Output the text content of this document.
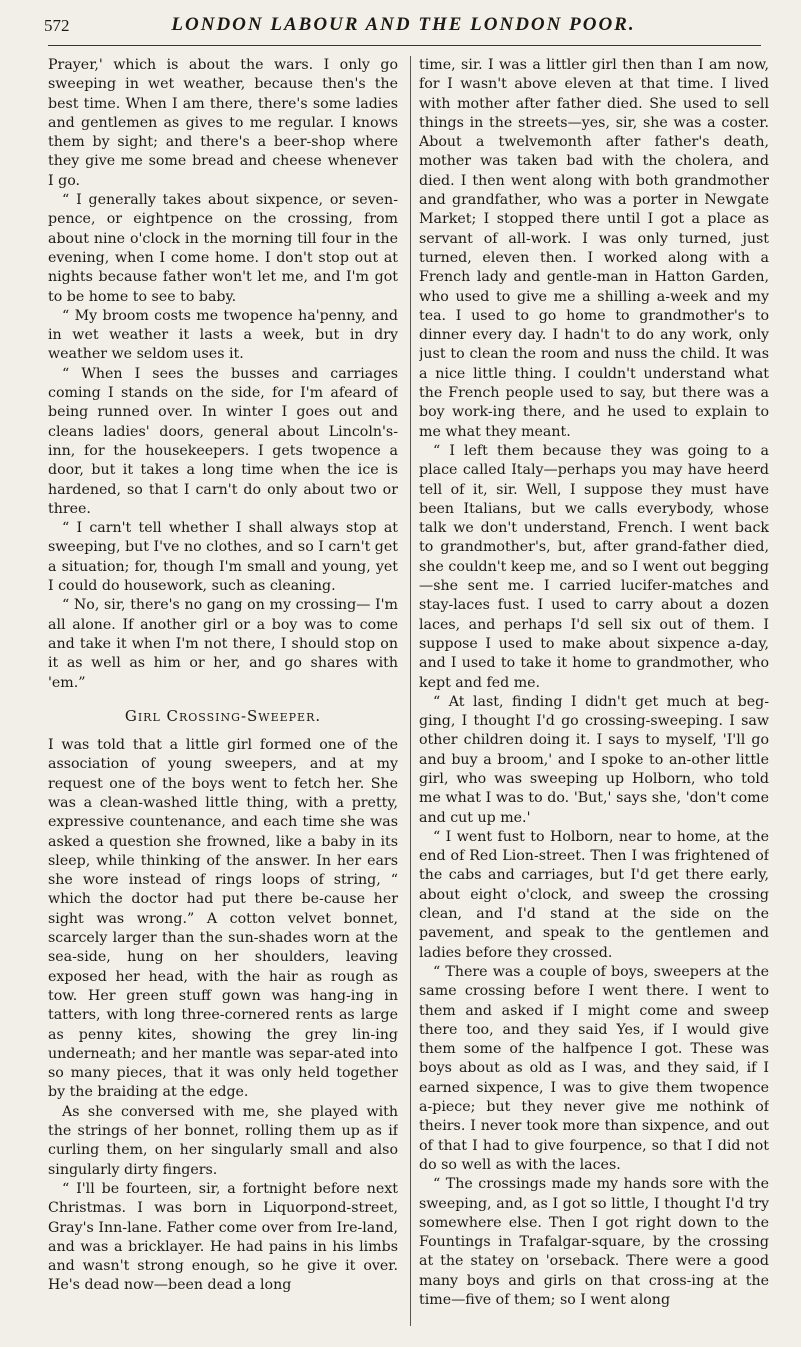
572	LONDON LABOUR AND THE LONDON POOR.

Prayer,' which is about the wars. I only go sweeping in wet weather, because then's the best time. When I am there, there's some ladies and gentlemen as gives to me regular. I knows them by sight; and there's a beer-shop where they give me some bread and cheese whenever I go.

“ I generally takes about sixpence, or seven-pence, or eightpence on the crossing, from about nine o'clock in the morning till four in the evening, when I come home. I don't stop out at nights because father won't let me, and I'm got to be home to see to baby.

“ My broom costs me twopence ha'penny, and in wet weather it lasts a week, but in dry weather we seldom uses it.

“ When I sees the busses and carriages coming I stands on the side, for I'm afeard of being runned over. In winter I goes out and cleans ladies' doors, general about Lincoln's-inn, for the housekeepers. I gets twopence a door, but it takes a long time when the ice is hardened, so that I carn't do only about two or three.

“ I carn't tell whether I shall always stop at sweeping, but I've no clothes, and so I carn't get a situation; for, though I'm small and young, yet I could do housework, such as cleaning.

“ No, sir, there's no gang on my crossing— I'm all alone. If another girl or a boy was to come and take it when I'm not there, I should stop on it as well as him or her, and go shares with 'em.”

Girl Crossing-Sweeper.

I was told that a little girl formed one of the association of young sweepers, and at my request one of the boys went to fetch her. She was a clean-washed little thing, with a pretty, expressive countenance, and each time she was asked a question she frowned, like a baby in its sleep, while thinking of the answer. In her ears she wore instead of rings loops of string, “ which the doctor had put there be-cause her sight was wrong.” A cotton velvet bonnet, scarcely larger than the sun-shades worn at the sea-side, hung on her shoulders, leaving exposed her head, with the hair as rough as tow. Her green stuff gown was hang-ing in tatters, with long three-cornered rents as large as penny kites, showing the grey lin-ing underneath; and her mantle was separ-ated into so many pieces, that it was only held together by the braiding at the edge.

As she conversed with me, she played with the strings of her bonnet, rolling them up as if curling them, on her singularly small and also singularly dirty fingers.

“ I'll be fourteen, sir, a fortnight before next Christmas. I was born in Liquorpond-street, Gray's Inn-lane. Father come over from Ire-land, and was a bricklayer. He had pains in his limbs and wasn't strong enough, so he give it over. He's dead now—been dead a long

time, sir. I was a littler girl then than I am now, for I wasn't above eleven at that time. I lived with mother after father died. She used to sell things in the streets—yes, sir, she was a coster. About a twelvemonth after father's death, mother was taken bad with the cholera, and died. I then went along with both grandmother and grandfather, who was a porter in Newgate Market; I stopped there until I got a place as servant of all-work. I was only turned, just turned, eleven then. I worked along with a French lady and gentle-man in Hatton Garden, who used to give me a shilling a-week and my tea. I used to go home to grandmother's to dinner every day. I hadn't to do any work, only just to clean the room and nuss the child. It was a nice little thing. I couldn't understand what the French people used to say, but there was a boy work-ing there, and he used to explain to me what they meant.

“ I left them because they was going to a place called Italy—perhaps you may have heerd tell of it, sir. Well, I suppose they must have been Italians, but we calls everybody, whose talk we don't understand, French. I went back to grandmother's, but, after grand-father died, she couldn't keep me, and so I went out begging—she sent me. I carried lucifer-matches and stay-laces fust. I used to carry about a dozen laces, and perhaps I'd sell six out of them. I suppose I used to make about sixpence a-day, and I used to take it home to grandmother, who kept and fed me.

“ At last, finding I didn't get much at beg-ging, I thought I'd go crossing-sweeping. I saw other children doing it. I says to myself, 'I'll go and buy a broom,' and I spoke to an-other little girl, who was sweeping up Holborn, who told me what I was to do. 'But,' says she, 'don't come and cut up me.'

“ I went fust to Holborn, near to home, at the end of Red Lion-street. Then I was frightened of the cabs and carriages, but I'd get there early, about eight o'clock, and sweep the crossing clean, and I'd stand at the side on the pavement, and speak to the gentlemen and ladies before they crossed.

“ There was a couple of boys, sweepers at the same crossing before I went there. I went to them and asked if I might come and sweep there too, and they said Yes, if I would give them some of the halfpence I got. These was boys about as old as I was, and they said, if I earned sixpence, I was to give them twopence a-piece; but they never give me nothink of theirs. I never took more than sixpence, and out of that I had to give fourpence, so that I did not do so well as with the laces.

“ The crossings made my hands sore with the sweeping, and, as I got so little, I thought I'd try somewhere else. Then I got right down to the Fountings in Trafalgar-square, by the crossing at the statey on 'orseback. There were a good many boys and girls on that cross-ing at the time—five of them; so I went along
